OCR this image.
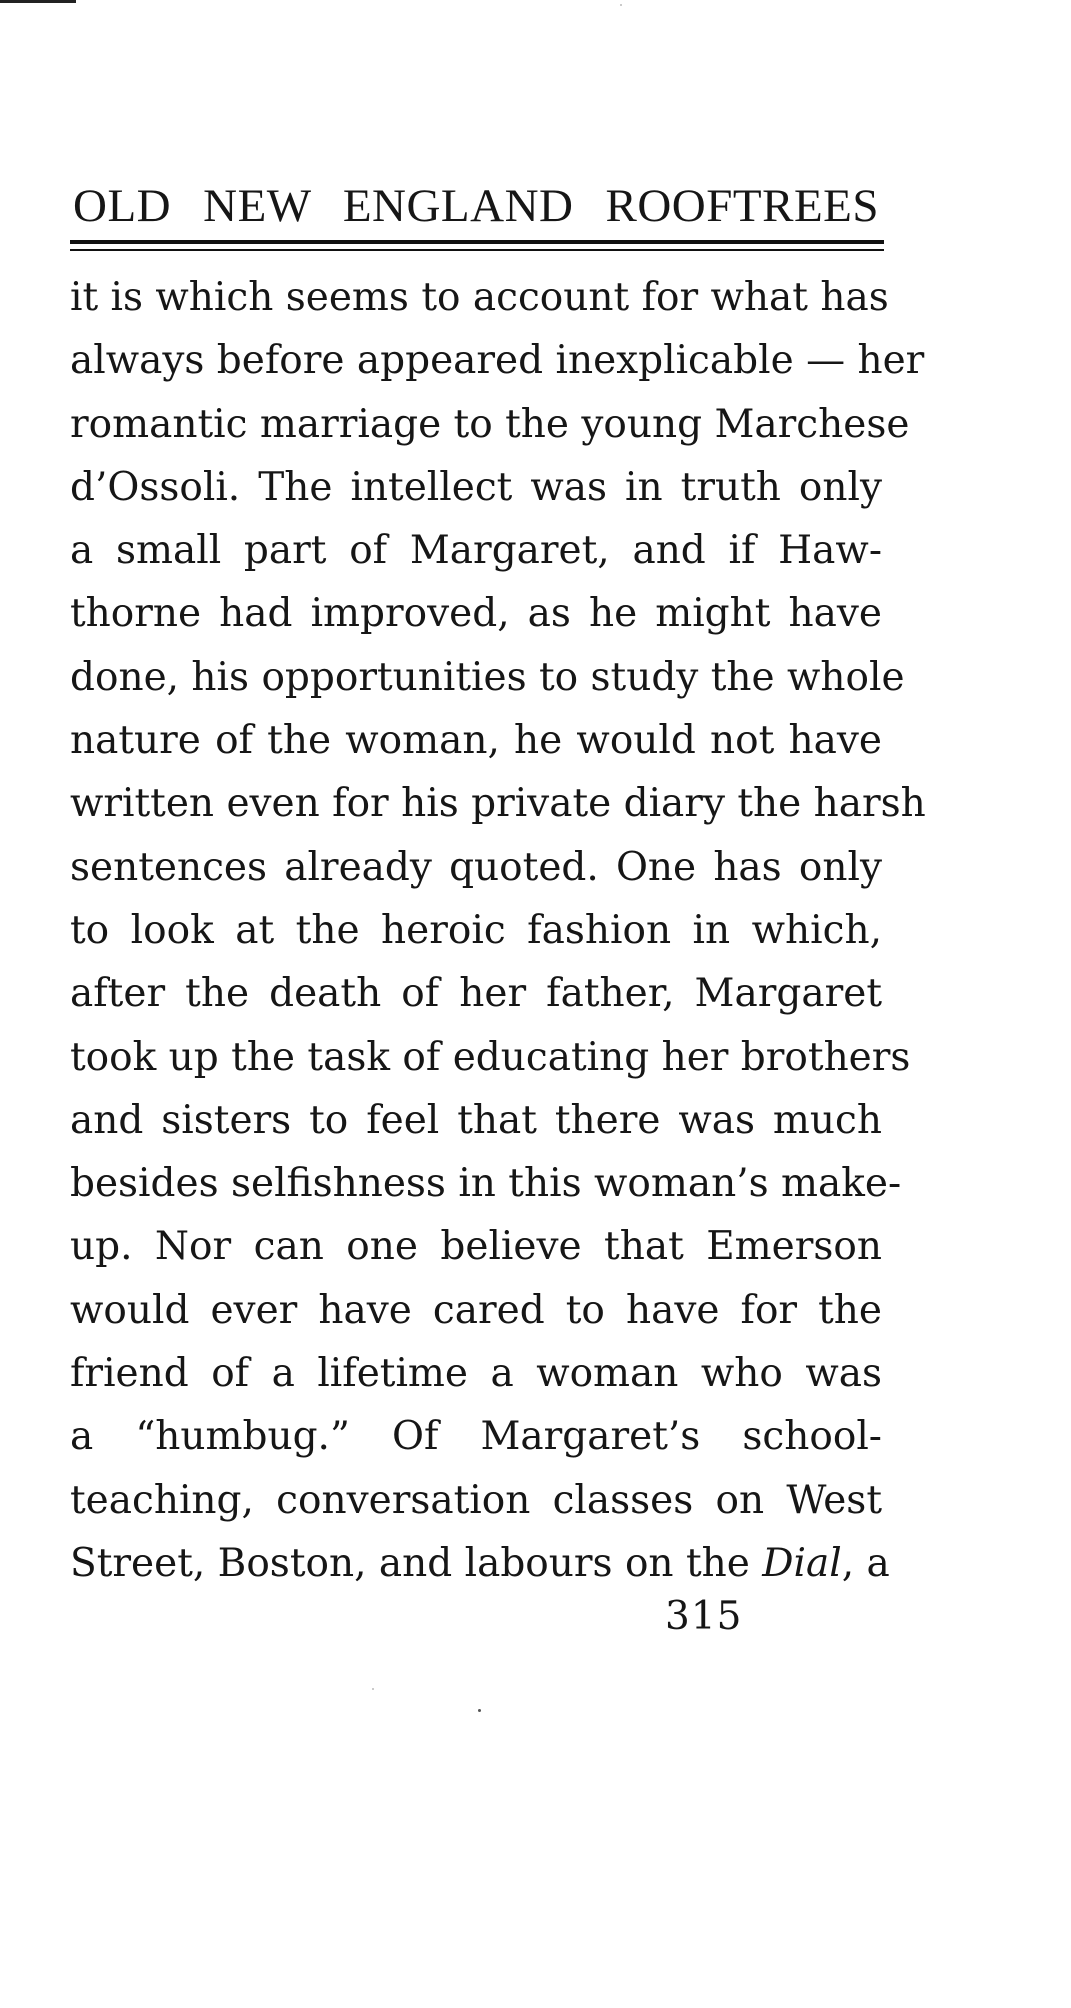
OLD NEW ENGLAND ROOFTREES
it is which seems to account for what has
always before appeared inexplicable — her
romantic marriage to the young Marchese
d’Ossoli. The intellect was in truth only
a small part of Margaret, and if Haw-
thorne had improved, as he might have
done, his opportunities to study the whole
nature of the woman, he would not have
written even for his private diary the harsh
sentences already quoted. One has only
to look at the heroic fashion in which,
after the death of her father, Margaret
took up the task of educating her brothers
and sisters to feel that there was much
besides selfishness in this woman’s make-
up. Nor can one believe that Emerson
would ever have cared to have for the
friend of a lifetime a woman who was
a “humbug.” Of Margaret’s school-
teaching, conversation classes on West
Street, Boston, and labours on the Dial, a
315
